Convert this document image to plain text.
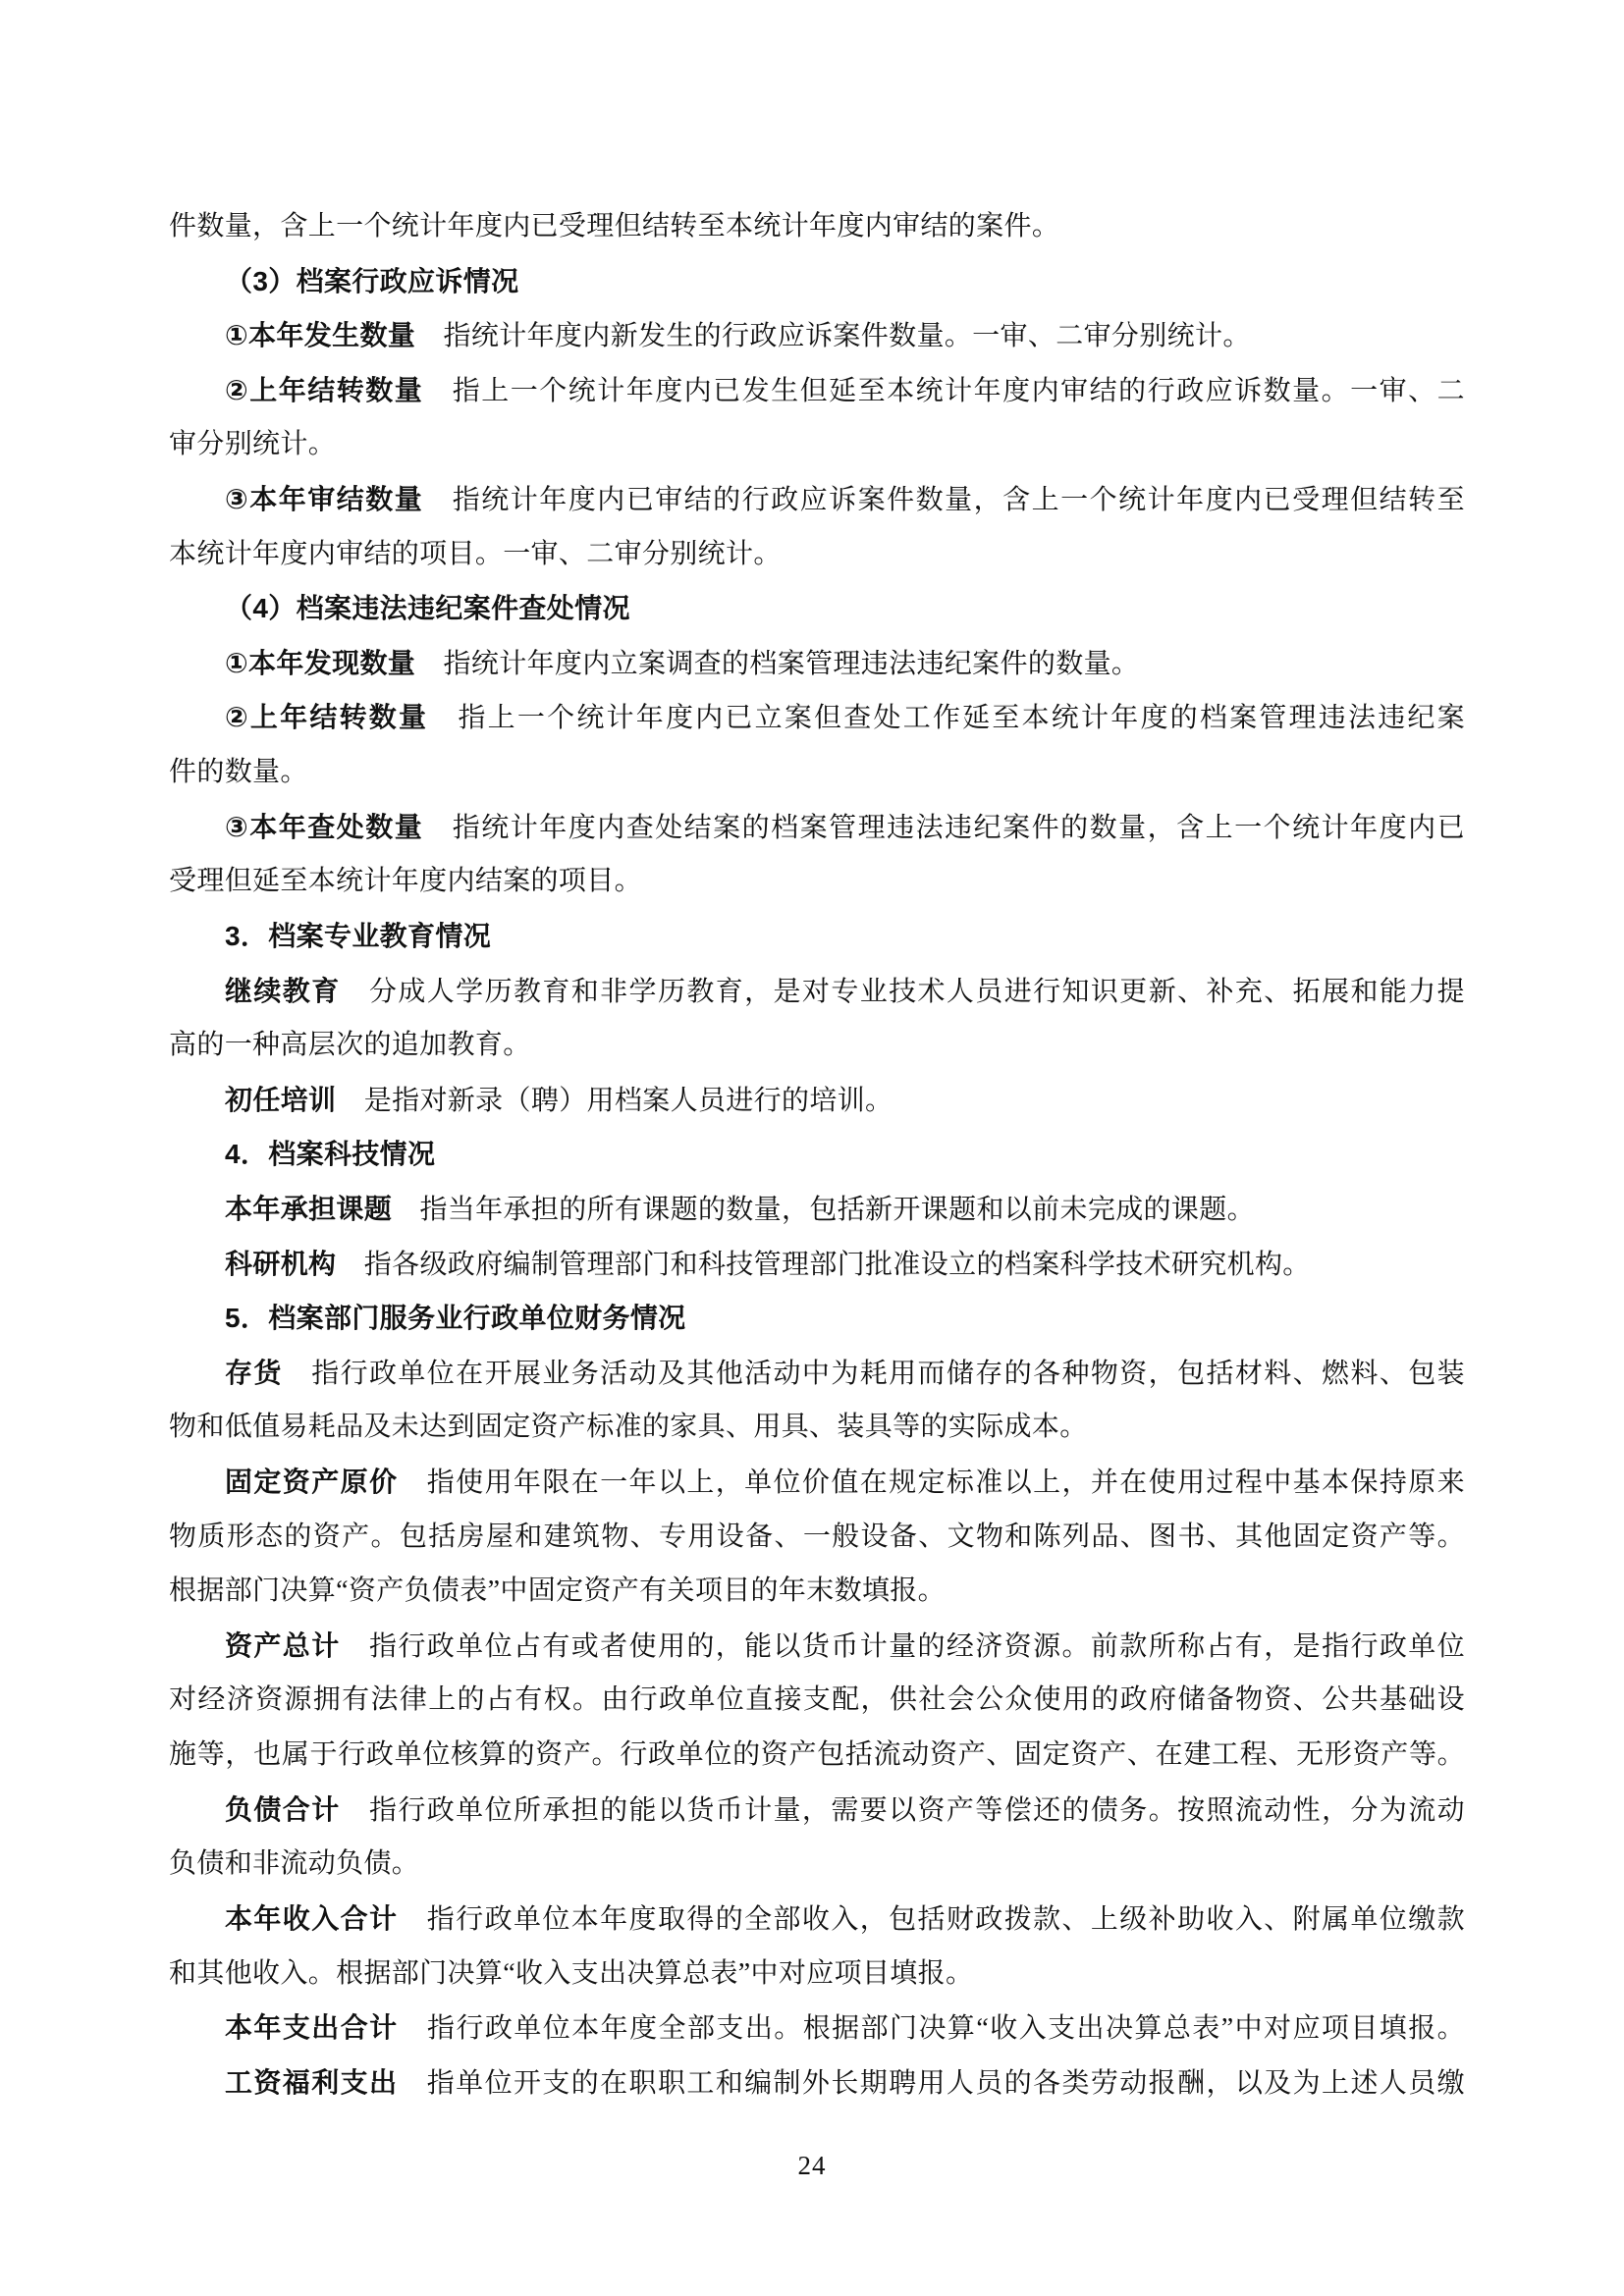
件数量，含上一个统计年度内已受理但结转至本统计年度内审结的案件。
（3）档案行政应诉情况
①本年发生数量　指统计年度内新发生的行政应诉案件数量。一审、二审分别统计。
②上年结转数量　指上一个统计年度内已发生但延至本统计年度内审结的行政应诉数量。一审、二
审分别统计。
③本年审结数量　指统计年度内已审结的行政应诉案件数量，含上一个统计年度内已受理但结转至
本统计年度内审结的项目。一审、二审分别统计。
（4）档案违法违纪案件查处情况
①本年发现数量　指统计年度内立案调查的档案管理违法违纪案件的数量。
②上年结转数量　指上一个统计年度内已立案但查处工作延至本统计年度的档案管理违法违纪案
件的数量。
③本年查处数量　指统计年度内查处结案的档案管理违法违纪案件的数量，含上一个统计年度内已
受理但延至本统计年度内结案的项目。
3．档案专业教育情况
继续教育　分成人学历教育和非学历教育，是对专业技术人员进行知识更新、补充、拓展和能力提
高的一种高层次的追加教育。
初任培训　是指对新录（聘）用档案人员进行的培训。
4．档案科技情况
本年承担课题　指当年承担的所有课题的数量，包括新开课题和以前未完成的课题。
科研机构　指各级政府编制管理部门和科技管理部门批准设立的档案科学技术研究机构。
5．档案部门服务业行政单位财务情况
存货　指行政单位在开展业务活动及其他活动中为耗用而储存的各种物资，包括材料、燃料、包装
物和低值易耗品及未达到固定资产标准的家具、用具、装具等的实际成本。
固定资产原价　指使用年限在一年以上，单位价值在规定标准以上，并在使用过程中基本保持原来
物质形态的资产。包括房屋和建筑物、专用设备、一般设备、文物和陈列品、图书、其他固定资产等。
根据部门决算“资产负债表”中固定资产有关项目的年末数填报。
资产总计　指行政单位占有或者使用的，能以货币计量的经济资源。前款所称占有，是指行政单位
对经济资源拥有法律上的占有权。由行政单位直接支配，供社会公众使用的政府储备物资、公共基础设
施等，也属于行政单位核算的资产。行政单位的资产包括流动资产、固定资产、在建工程、无形资产等。
负债合计　指行政单位所承担的能以货币计量，需要以资产等偿还的债务。按照流动性，分为流动
负债和非流动负债。
本年收入合计　指行政单位本年度取得的全部收入，包括财政拨款、上级补助收入、附属单位缴款
和其他收入。根据部门决算“收入支出决算总表”中对应项目填报。
本年支出合计　指行政单位本年度全部支出。根据部门决算“收入支出决算总表”中对应项目填报。
工资福利支出　指单位开支的在职职工和编制外长期聘用人员的各类劳动报酬，以及为上述人员缴
24
